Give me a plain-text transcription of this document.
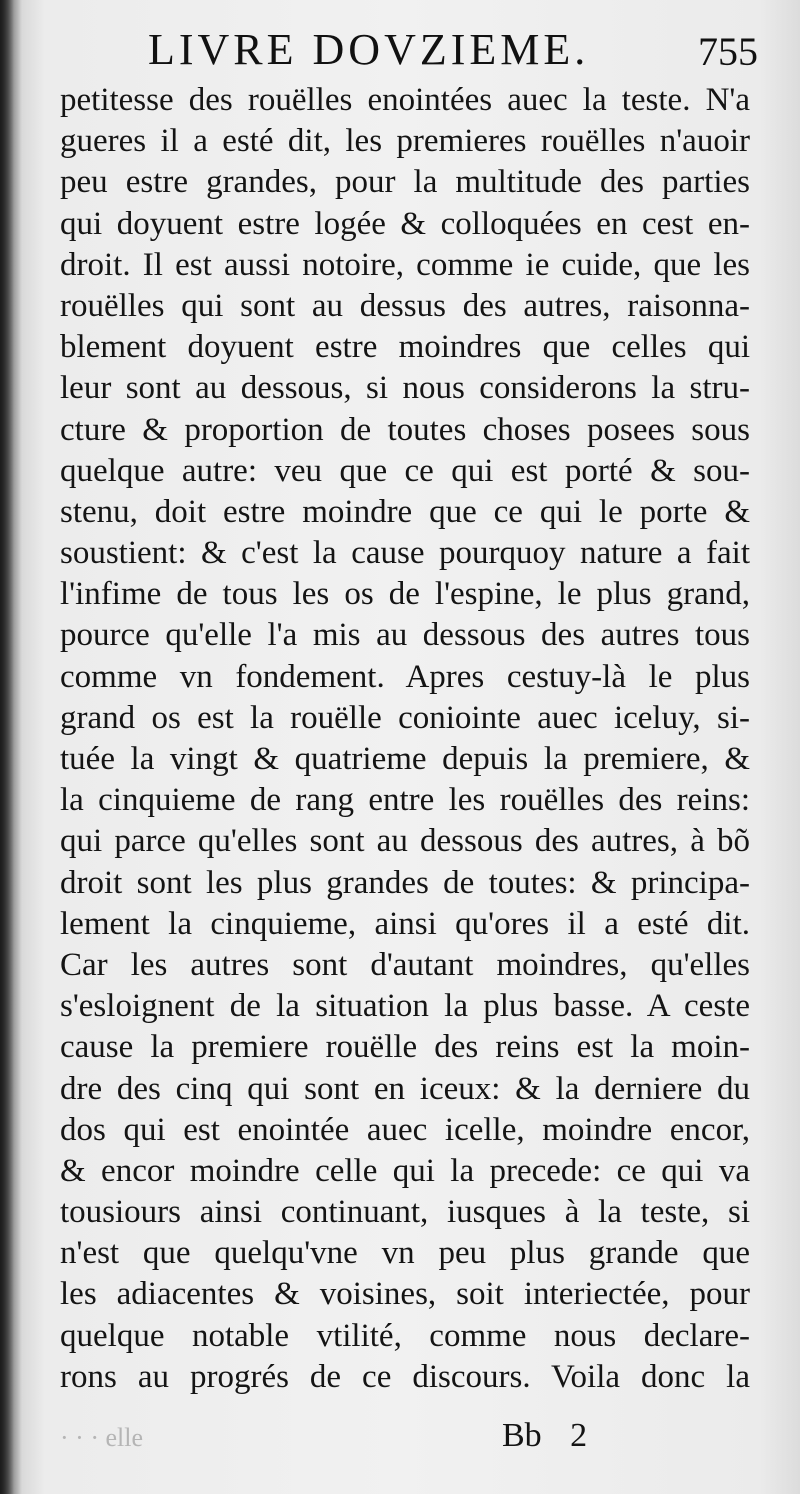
LIVRE DOVZIEME.	755
petitesse des rouëlles enointées auec la teste. N'a
gueres il a esté dit, les premieres rouëlles n'auoir
peu estre grandes, pour la multitude des parties
qui doyuent estre logée & colloquées en cest en-
droit. Il est aussi notoire, comme ie cuide, que les
rouëlles qui sont au dessus des autres, raisonna-
blement doyuent estre moindres que celles qui
leur sont au dessous, si nous considerons la stru-
cture & proportion de toutes choses posees sous
quelque autre: veu que ce qui est porté & sou-
stenu, doit estre moindre que ce qui le porte &
soustient: & c'est la cause pourquoy nature a fait
l'infime de tous les os de l'espine, le plus grand,
pource qu'elle l'a mis au dessous des autres tous
comme vn fondement. Apres cestuy-là le plus
grand os est la rouëlle coniointe auec iceluy, si-
tuée la vingt & quatrieme depuis la premiere, &
la cinquieme de rang entre les rouëlles des reins:
qui parce qu'elles sont au dessous des autres, à bõ
droit sont les plus grandes de toutes: & principa-
lement la cinquieme, ainsi qu'ores il a esté dit.
Car les autres sont d'autant moindres, qu'elles
s'esloignent de la situation la plus basse. A ceste
cause la premiere rouëlle des reins est la moin-
dre des cinq qui sont en iceux: & la derniere du
dos qui est enointée auec icelle, moindre encor,
& encor moindre celle qui la precede: ce qui va
tousiours ainsi continuant, iusques à la teste, si
n'est que quelqu'vne vn peu plus grande que
les adiacentes & voisines, soit interiectée, pour
quelque notable vtilité, comme nous declare-
rons au progrés de ce discours. Voila donc la
· · · elle	Bb 2
